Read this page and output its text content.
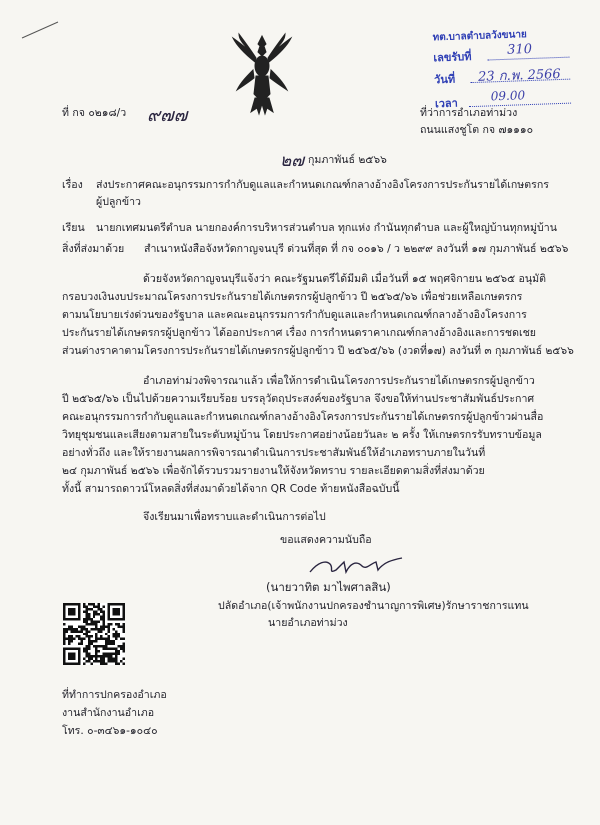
ทต.บาลตำบลวังขนาย
เลขรับที่	310
วันที่ 23 ก.พ. 2566
เวลา
09.00
ที่ กจ ๐๒๑๘/ว ๙๗๗	ที่ว่าการอำเภอท่าม่วง
ถนนแสงชูโต กจ ๗๑๑๑๐
๒๗ กุมภาพันธ์ ๒๕๖๖
เรื่อง ส่งประกาศคณะอนุกรรมการกำกับดูแลและกำหนดเกณฑ์กลางอ้างอิงโครงการประกันรายได้เกษตรกร
ผู้ปลูกข้าว
เรียน นายกเทศมนตรีตำบล นายกองค์การบริหารส่วนตำบล ทุกแห่ง กำนันทุกตำบล และผู้ใหญ่บ้านทุกหมู่บ้าน
สิ่งที่ส่งมาด้วย สำเนาหนังสือจังหวัดกาญจนบุรี ด่วนที่สุด ที่ กจ ๐๐๑๖ / ว ๒๒๙๙ ลงวันที่ ๑๗ กุมภาพันธ์ ๒๕๖๖
ด้วยจังหวัดกาญจนบุรีแจ้งว่า คณะรัฐมนตรีได้มีมติ เมื่อวันที่ ๑๕ พฤศจิกายน ๒๕๖๕ อนุมัติ
กรอบวงเงินงบประมาณโครงการประกันรายได้เกษตรกรผู้ปลูกข้าว ปี ๒๕๖๕/๖๖ เพื่อช่วยเหลือเกษตรกร
ตามนโยบายเร่งด่วนของรัฐบาล และคณะอนุกรรมการกำกับดูแลและกำหนดเกณฑ์กลางอ้างอิงโครงการ
ประกันรายได้เกษตรกรผู้ปลูกข้าว ได้ออกประกาศ เรื่อง การกำหนดราคาเกณฑ์กลางอ้างอิงและการชดเชย
ส่วนต่างราคาตามโครงการประกันรายได้เกษตรกรผู้ปลูกข้าว ปี ๒๕๖๕/๖๖ (งวดที่๑๗) ลงวันที่ ๓ กุมภาพันธ์ ๒๕๖๖
อำเภอท่าม่วงพิจารณาแล้ว เพื่อให้การดำเนินโครงการประกันรายได้เกษตรกรผู้ปลูกข้าว
ปี ๒๕๖๕/๖๖ เป็นไปด้วยความเรียบร้อย บรรลุวัตถุประสงค์ของรัฐบาล จึงขอให้ท่านประชาสัมพันธ์ประกาศ
คณะอนุกรรมการกำกับดูแลและกำหนดเกณฑ์กลางอ้างอิงโครงการประกันรายได้เกษตรกรผู้ปลูกข้าวผ่านสื่อ
วิทยุชุมชนและเสียงตามสายในระดับหมู่บ้าน โดยประกาศอย่างน้อยวันละ ๒ ครั้ง ให้เกษตรกรรับทราบข้อมูล
อย่างทั่วถึง และให้รายงานผลการพิจารณาดำเนินการประชาสัมพันธ์ให้อำเภอทราบภายในวันที่
๒๔ กุมภาพันธ์ ๒๕๖๖ เพื่อจักได้รวบรวมรายงานให้จังหวัดทราบ รายละเอียดตามสิ่งที่ส่งมาด้วย
ทั้งนี้ สามารถดาวน์โหลดสิ่งที่ส่งมาด้วยได้จาก QR Code ท้ายหนังสือฉบับนี้
จึงเรียนมาเพื่อทราบและดำเนินการต่อไป
ขอแสดงความนับถือ
(นายวาทิต มาไพศาลสิน)
ปลัดอำเภอ(เจ้าพนักงานปกครองชำนาญการพิเศษ)รักษาราชการแทน
นายอำเภอท่าม่วง
ที่ทำการปกครองอำเภอ
งานสำนักงานอำเภอ
โทร. ๐-๓๔๖๑-๑๐๔๐
